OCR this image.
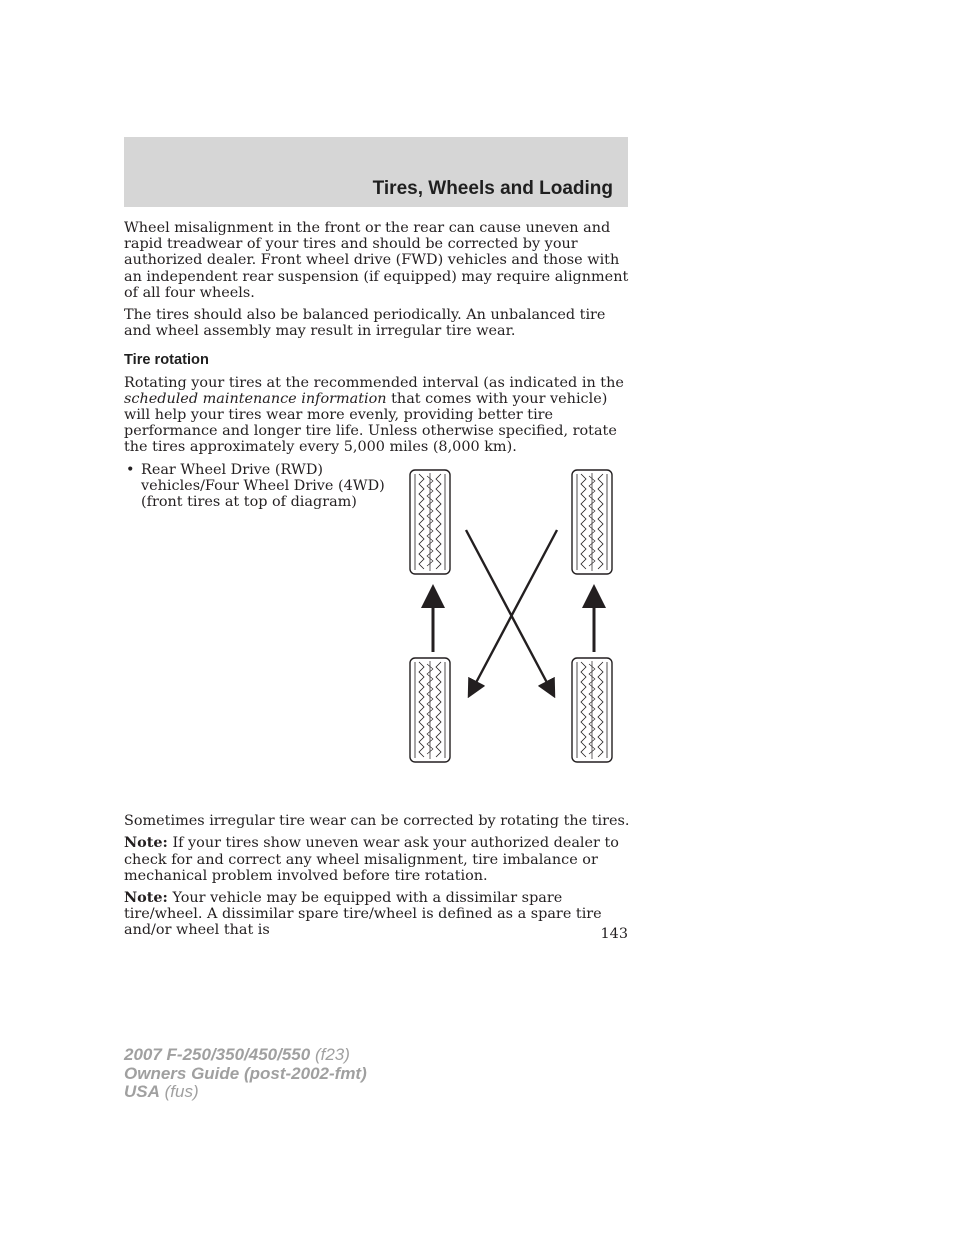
Tires, Wheels and Loading

Wheel misalignment in the front or the rear can cause uneven and rapid treadwear of your tires and should be corrected by your authorized dealer. Front wheel drive (FWD) vehicles and those with an independent rear suspension (if equipped) may require alignment of all four wheels.

The tires should also be balanced periodically. An unbalanced tire and wheel assembly may result in irregular tire wear.

Tire rotation

Rotating your tires at the recommended interval (as indicated in the scheduled maintenance information that comes with your vehicle) will help your tires wear more evenly, providing better tire performance and longer tire life. Unless otherwise specified, rotate the tires approximately every 5,000 miles (8,000 km).

• Rear Wheel Drive (RWD) vehicles/Four Wheel Drive (4WD) (front tires at top of diagram)

Sometimes irregular tire wear can be corrected by rotating the tires.

Note: If your tires show uneven wear ask your authorized dealer to check for and correct any wheel misalignment, tire imbalance or mechanical problem involved before tire rotation.

Note: Your vehicle may be equipped with a dissimilar spare tire/wheel. A dissimilar spare tire/wheel is defined as a spare tire and/or wheel that is	143
2007 F-250/350/450/550 (f23)
Owners Guide (post-2002-fmt)
USA (fus)
